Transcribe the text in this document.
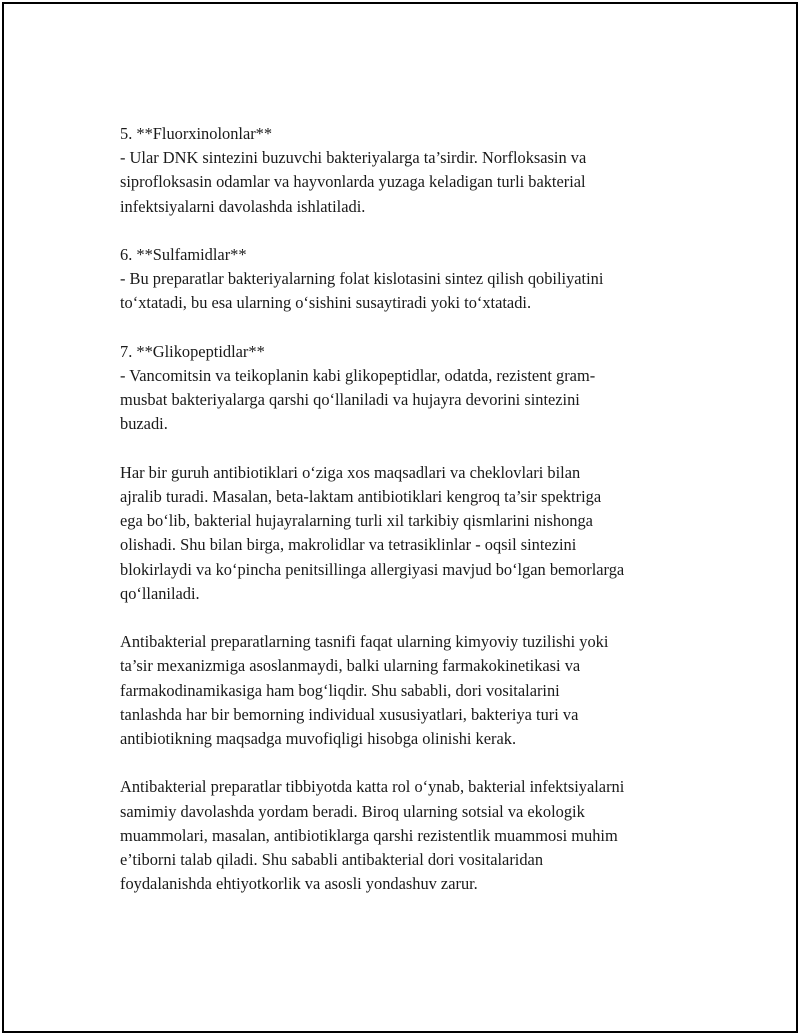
5. **Fluorxinolonlar**
- Ular DNK sintezini buzuvchi bakteriyalarga ta’sirdir. Norfloksasin va
siprofloksasin odamlar va hayvonlarda yuzaga keladigan turli bakterial
infektsiyalarni davolashda ishlatiladi.
6. **Sulfamidlar**
- Bu preparatlar bakteriyalarning folat kislotasini sintez qilish qobiliyatini
to‘xtatadi, bu esa ularning o‘sishini susaytiradi yoki to‘xtatadi.
7. **Glikopeptidlar**
- Vancomitsin va teikoplanin kabi glikopeptidlar, odatda, rezistent gram-
musbat bakteriyalarga qarshi qo‘llaniladi va hujayra devorini sintezini
buzadi.
Har bir guruh antibiotiklari o‘ziga xos maqsadlari va cheklovlari bilan
ajralib turadi. Masalan, beta-laktam antibiotiklari kengroq ta’sir spektriga
ega bo‘lib, bakterial hujayralarning turli xil tarkibiy qismlarini nishonga
olishadi. Shu bilan birga, makrolidlar va tetrasiklinlar - oqsil sintezini
blokirlaydi va ko‘pincha penitsillinga allergiyasi mavjud bo‘lgan bemorlarga
qo‘llaniladi.
Antibakterial preparatlarning tasnifi faqat ularning kimyoviy tuzilishi yoki
ta’sir mexanizmiga asoslanmaydi, balki ularning farmakokinetikasi va
farmakodinamikasiga ham bog‘liqdir. Shu sababli, dori vositalarini
tanlashda har bir bemorning individual xususiyatlari, bakteriya turi va
antibiotikning maqsadga muvofiqligi hisobga olinishi kerak.
Antibakterial preparatlar tibbiyotda katta rol o‘ynab, bakterial infektsiyalarni
samimiy davolashda yordam beradi. Biroq ularning sotsial va ekologik
muammolari, masalan, antibiotiklarga qarshi rezistentlik muammosi muhim
e’tiborni talab qiladi. Shu sababli antibakterial dori vositalaridan
foydalanishda ehtiyotkorlik va asosli yondashuv zarur.
